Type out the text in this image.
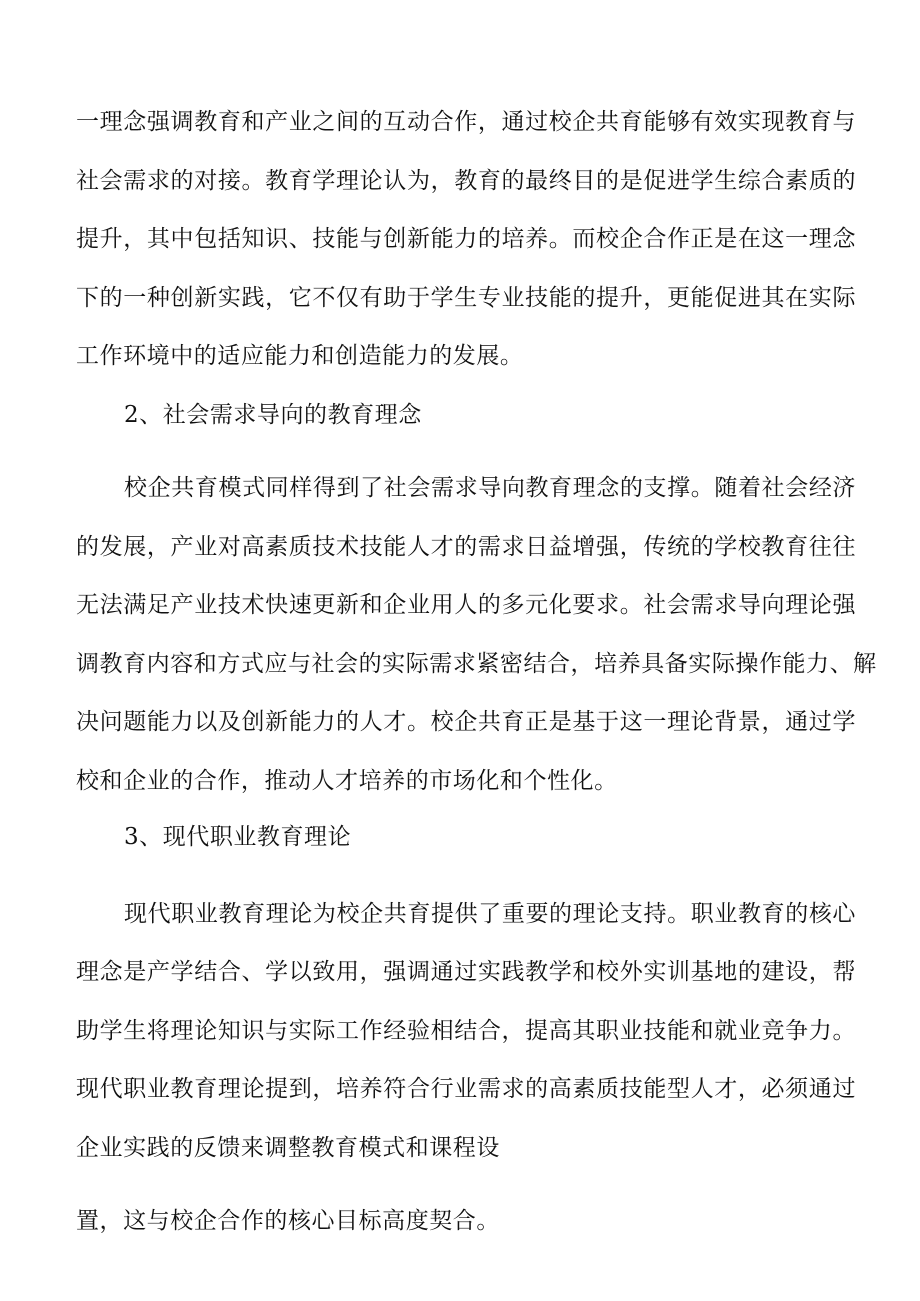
一理念强调教育和产业之间的互动合作，通过校企共育能够有效实现教育与
社会需求的对接。教育学理论认为，教育的最终目的是促进学生综合素质的
提升，其中包括知识、技能与创新能力的培养。而校企合作正是在这一理念
下的一种创新实践，它不仅有助于学生专业技能的提升，更能促进其在实际
工作环境中的适应能力和创造能力的发展。
2、社会需求导向的教育理念
校企共育模式同样得到了社会需求导向教育理念的支撑。随着社会经济
的发展，产业对高素质技术技能人才的需求日益增强，传统的学校教育往往
无法满足产业技术快速更新和企业用人的多元化要求。社会需求导向理论强
调教育内容和方式应与社会的实际需求紧密结合，培养具备实际操作能力、解
决问题能力以及创新能力的人才。校企共育正是基于这一理论背景，通过学
校和企业的合作，推动人才培养的市场化和个性化。
3、现代职业教育理论
现代职业教育理论为校企共育提供了重要的理论支持。职业教育的核心
理念是产学结合、学以致用，强调通过实践教学和校外实训基地的建设，帮
助学生将理论知识与实际工作经验相结合，提高其职业技能和就业竞争力。
现代职业教育理论提到，培养符合行业需求的高素质技能型人才，必须通过
企业实践的反馈来调整教育模式和课程设
置，这与校企合作的核心目标高度契合。
